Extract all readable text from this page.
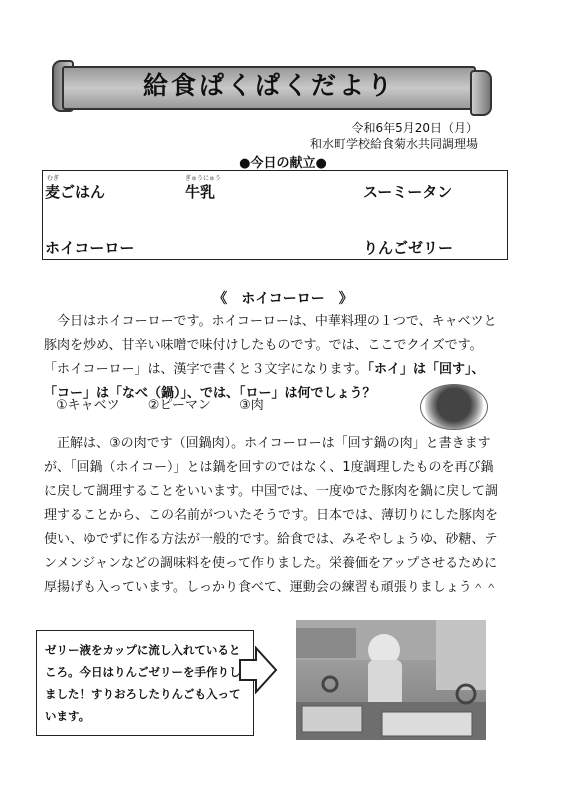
給食ぱくぱくだより
令和6年5月20日（月）
和水町学校給食菊水共同調理場
●今日の献立●
むぎ
麦ごはん
ぎゅうにゅう
牛乳	スーミータン
ホイコーロー	りんごゼリー
《　ホイコーロー　》

今日はホイコーローです。ホイコーローは、中華料理の１つで、キャベツと豚肉を炒め、甘辛い味噌で味付けしたものです。では、ここでクイズです。「ホイコーロー」は、漢字で書くと３文字になります。「ホイ」は「回す」、「コー」は「なべ（鍋）」、では、「ロー」は何でしょう？

①キャベツ ②ピーマン ③肉

正解は、③の肉です（回鍋肉）。ホイコーローは「回す鍋の肉」と書きますが、「回鍋（ホイコー）」とは鍋を回すのではなく、1度調理したものを再び鍋に戻して調理することをいいます。中国では、一度ゆでた豚肉を鍋に戻して調理することから、この名前がついたそうです。日本では、薄切りにした豚肉を使い、ゆでずに作る方法が一般的です。給食では、みそやしょうゆ、砂糖、テンメンジャンなどの調味料を使って作りました。栄養価をアップさせるために厚揚げも入っています。しっかり食べて、運動会の練習も頑張りましょう＾＾

ゼリー液をカップに流し入れているところ。今日はりんごゼリーを手作りしました！すりおろしたりんごも入っています。
